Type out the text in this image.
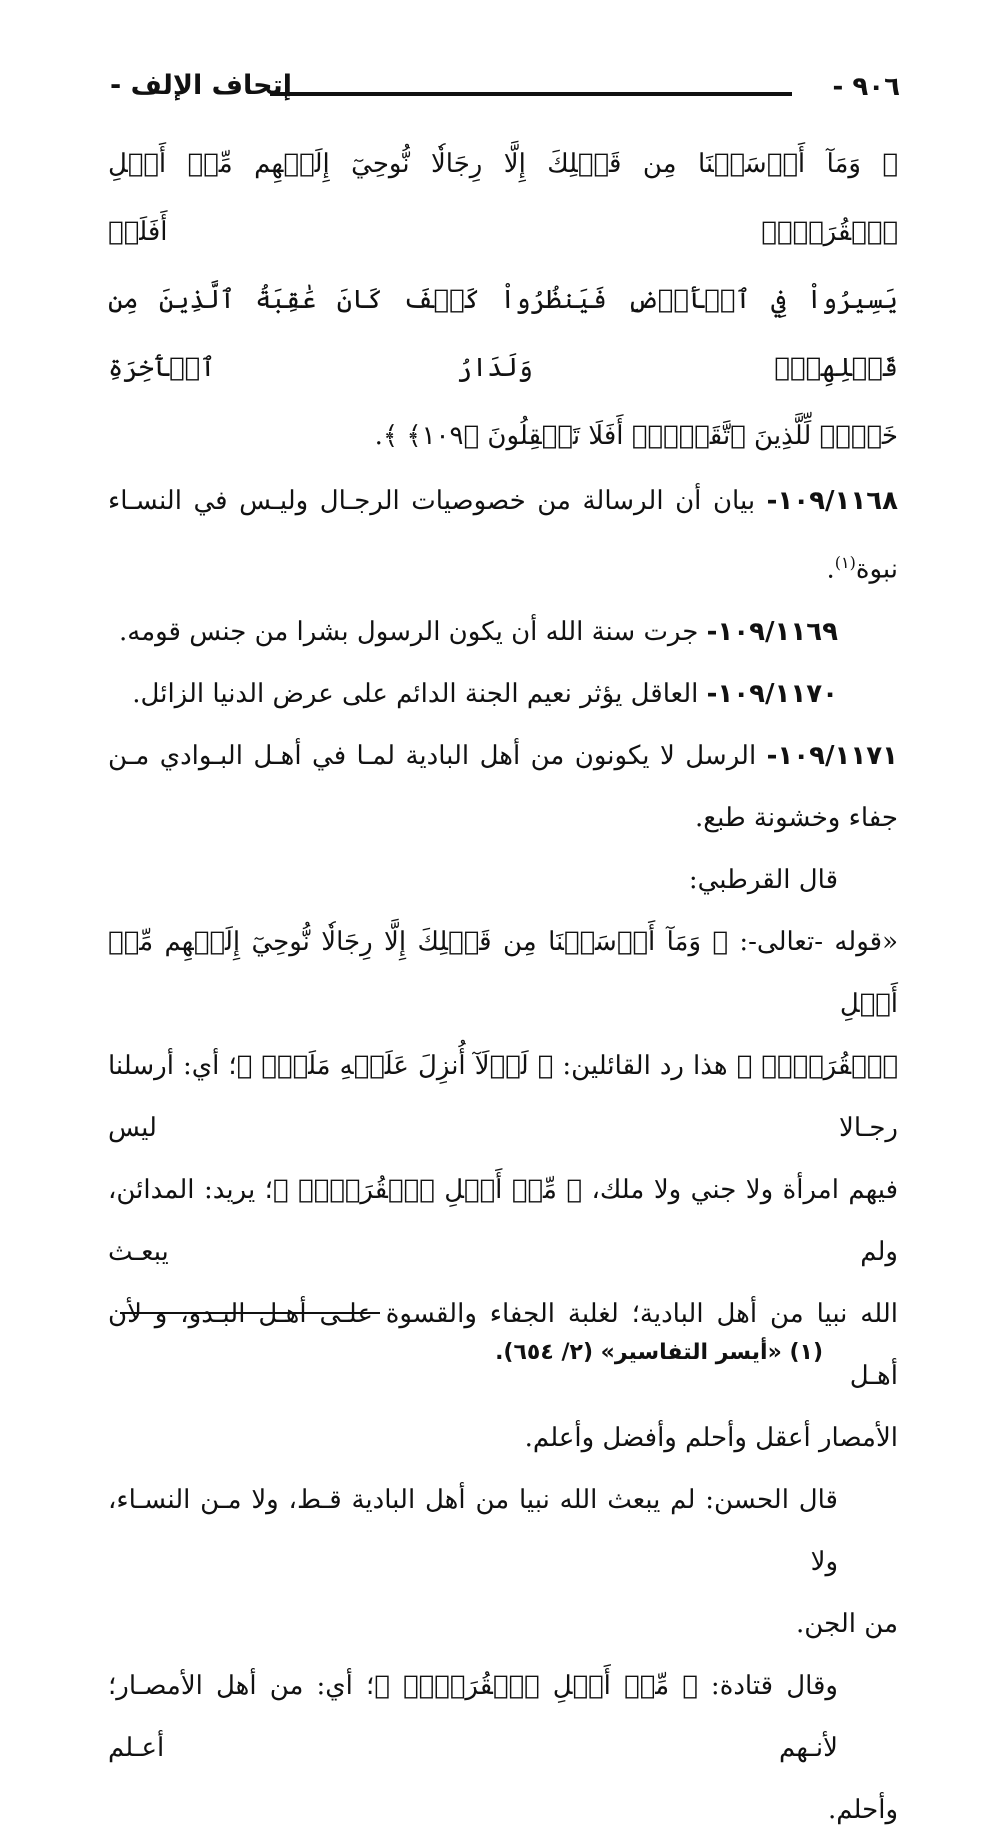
٩٠٦ -
إتحاف الإلف -

﴿ وَمَآ أَرۡسَلۡنَا مِن قَبۡلِكَ إِلَّا رِجَالٗا نُّوحِيٓ إِلَيۡهِم مِّنۡ أَهۡلِ ٱلۡقُرَىٰٓۗ أَفَلَمۡ

يَسِيرُواْ فِي ٱلۡأَرۡضِ فَيَنظُرُواْ كَيۡفَ كَانَ عَٰقِبَةُ ٱلَّذِينَ مِن قَبۡلِهِمۡۗ وَلَدَارُ ٱلۡأٓخِرَةِ

خَيۡرٞ لِّلَّذِينَ ٱتَّقَوۡاْۚ أَفَلَا تَعۡقِلُونَ ﴿١٠٩﴾ ﴾.

١٠٩/١١٦٨- بيان أن الرسالة من خصوصيات الرجـال وليـس في النسـاء

نبوة$^{(١)}$.

١٠٩/١١٦٩- جرت سنة الله أن يكون الرسول بشرا من جنس قومه.

١٠٩/١١٧٠- العاقل يؤثر نعيم الجنة الدائم على عرض الدنيا الزائل.

١٠٩/١١٧١- الرسل لا يكونون من أهل البادية لمـا في أهـل البـوادي مـن

جفاء وخشونة طبع.

قال القرطبي:

«قوله -تعالى-: ﴿ وَمَآ أَرۡسَلۡنَا مِن قَبۡلِكَ إِلَّا رِجَالٗا نُّوحِيٓ إِلَيۡهِم مِّنۡ أَهۡلِ

ٱلۡقُرَىٰٓۗ ﴾ هذا رد القائلين: ﴿ لَوۡلَآ أُنزِلَ عَلَيۡهِ مَلَكٞۖ ﴾؛ أي: أرسلنا رجـالا ليس

فيهم امرأة ولا جني ولا ملك، ﴿ مِّنۡ أَهۡلِ ٱلۡقُرَىٰٓۗ ﴾؛ يريد: المدائن، ولم يبعـث

الله نبيا من أهل البادية؛ لغلبة الجفاء والقسوة علـى أهـل البـدو، و لأن أهـل

الأمصار أعقل وأحلم وأفضل وأعلم.

قال الحسن: لم يبعث الله نبيا من أهل البادية قـط، ولا مـن النسـاء، ولا

من الجن.

وقال قتادة: ﴿ مِّنۡ أَهۡلِ ٱلۡقُرَىٰٓۗ ﴾؛ أي: من أهل الأمصـار؛ لأنـهم أعـلم

وأحلم.

(١) «أيسر التفاسير» (٢/ ٦٥٤).
